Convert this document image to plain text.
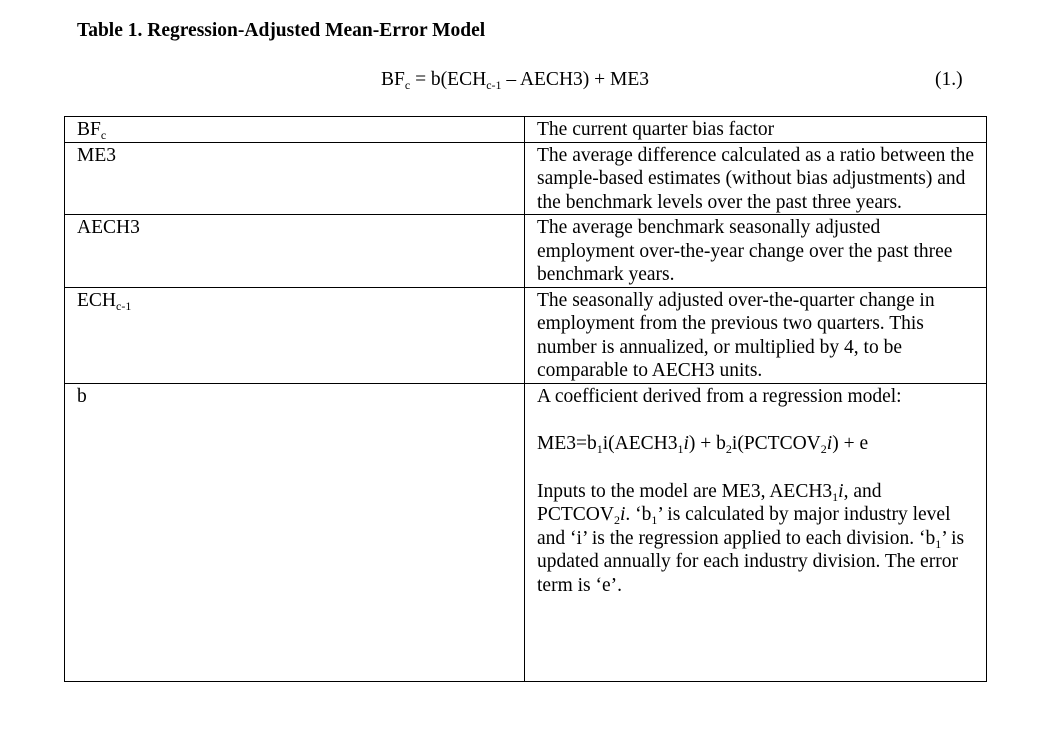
Table 1. Regression-Adjusted Mean-Error Model
$BF_c = b(ECH_{c-1}$ – AECH3) + ME3	(1.)
$BF_c$	The current quarter bias factor
ME3	The average difference calculated as a ratio between the sample-based estimates (without bias adjustments) and the benchmark levels over the past three years.
AECH3	The average benchmark seasonally adjusted employment over-the-year change over the past three benchmark years.
$ECH_{c-1}$	The seasonally adjusted over-the-quarter change in employment from the previous two quarters. This number is annualized, or multiplied by 4, to be comparable to AECH3 units.
b	A coefficient derived from a regression model:

$ME3=b_1i(AECH3_1i)$ + $b_2i(PCTCOV_2i) + e$

Inputs to the model are ME3, $AECH3_1i$, and $PCTCOV_2i$. ‘$b_1$’ is calculated by major industry level and ‘i’ is the regression applied to each division. ‘$b_1$’ is updated annually for each industry division. The error term is ‘e’.
